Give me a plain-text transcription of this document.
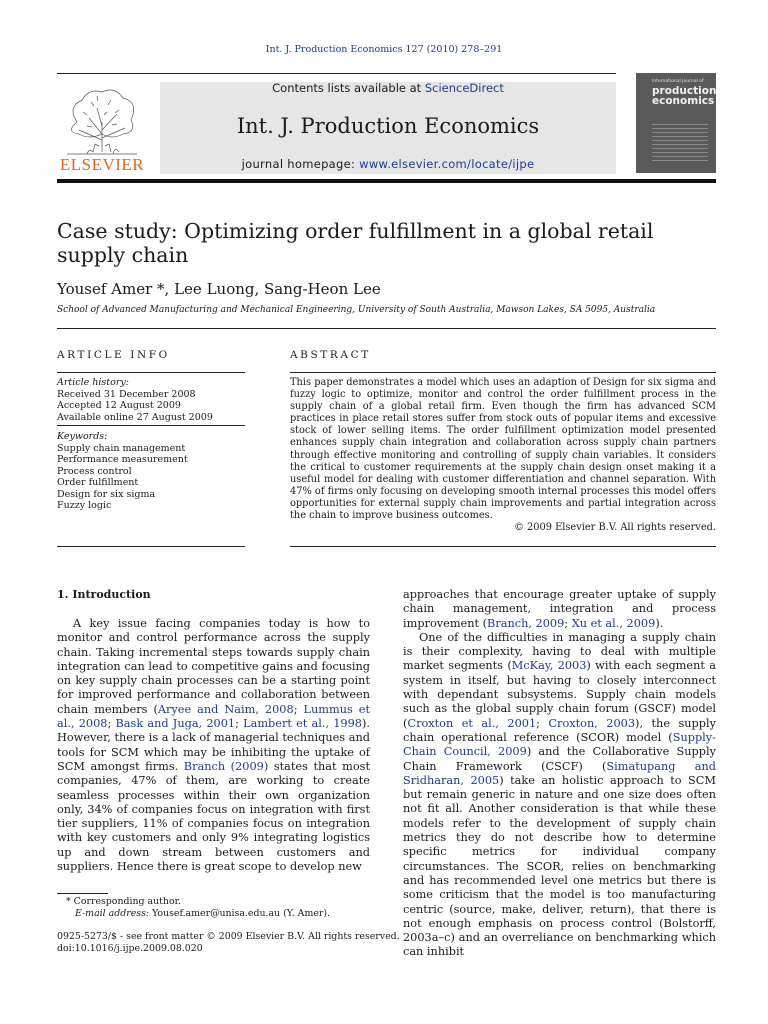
Int. J. Production Economics 127 (2010) 278–291
ELSEVIER
Contents lists available at ScienceDirect
Int. J. Production Economics
journal homepage: www.elsevier.com/locate/ijpe
International Journal of
production
economics
Case study: Optimizing order fulfillment in a global retail supply chain
Yousef Amer *, Lee Luong, Sang-Heon Lee
School of Advanced Manufacturing and Mechanical Engineering, University of South Australia, Mawson Lakes, SA 5095, Australia
ARTICLE INFO
Article history:
Received 31 December 2008
Accepted 12 August 2009
Available online 27 August 2009
Keywords:
Supply chain management
Performance measurement
Process control
Order fulfillment
Design for six sigma
Fuzzy logic
ABSTRACT

This paper demonstrates a model which uses an adaption of Design for six sigma and fuzzy logic to optimize, monitor and control the order fulfillment process in the supply chain of a global retail firm. Even though the firm has advanced SCM practices in place retail stores suffer from stock outs of popular items and excessive stock of lower selling items. The order fulfillment optimization model presented enhances supply chain integration and collaboration across supply chain partners through effective monitoring and controlling of supply chain variables. It considers the critical to customer requirements at the supply chain design onset making it a useful model for dealing with customer differentiation and channel separation. With 47% of firms only focusing on developing smooth internal processes this model offers opportunities for external supply chain improvements and partial integration across the chain to improve business outcomes.

© 2009 Elsevier B.V. All rights reserved.
1. Introduction

A key issue facing companies today is how to monitor and control performance across the supply chain. Taking incremental steps towards supply chain integration can lead to competitive gains and focusing on key supply chain processes can be a starting point for improved performance and collaboration between chain members (Aryee and Naim, 2008; Lummus et al., 2008; Bask and Juga, 2001; Lambert et al., 1998). However, there is a lack of managerial techniques and tools for SCM which may be inhibiting the uptake of SCM amongst firms. Branch (2009) states that most companies, 47% of them, are working to create seamless processes within their own organization only, 34% of companies focus on integration with first tier suppliers, 11% of companies focus on integration with key customers and only 9% integrating logistics up and down stream between customers and suppliers. Hence there is great scope to develop new

approaches that encourage greater uptake of supply chain management, integration and process improvement (Branch, 2009; Xu et al., 2009).

One of the difficulties in managing a supply chain is their complexity, having to deal with multiple market segments (McKay, 2003) with each segment a system in itself, but having to closely interconnect with dependant subsystems. Supply chain models such as the global supply chain forum (GSCF) model (Croxton et al., 2001; Croxton, 2003), the supply chain operational reference (SCOR) model (Supply-Chain Council, 2009) and the Collaborative Supply Chain Framework (CSCF) (Simatupang and Sridharan, 2005) take an holistic approach to SCM but remain generic in nature and one size does often not fit all. Another consideration is that while these models refer to the development of supply chain metrics they do not describe how to determine specific metrics for individual company circumstances. The SCOR, relies on benchmarking and has recommended level one metrics but there is some criticism that the model is too manufacturing centric (source, make, deliver, return), that there is not enough emphasis on process control (Bolstorff, 2003a–c) and an overreliance on benchmarking which can inhibit

* Corresponding author.
E-mail address: Yousef.amer@unisa.edu.au (Y. Amer).
0925-5273/$ - see front matter © 2009 Elsevier B.V. All rights reserved.
doi:10.1016/j.ijpe.2009.08.020
